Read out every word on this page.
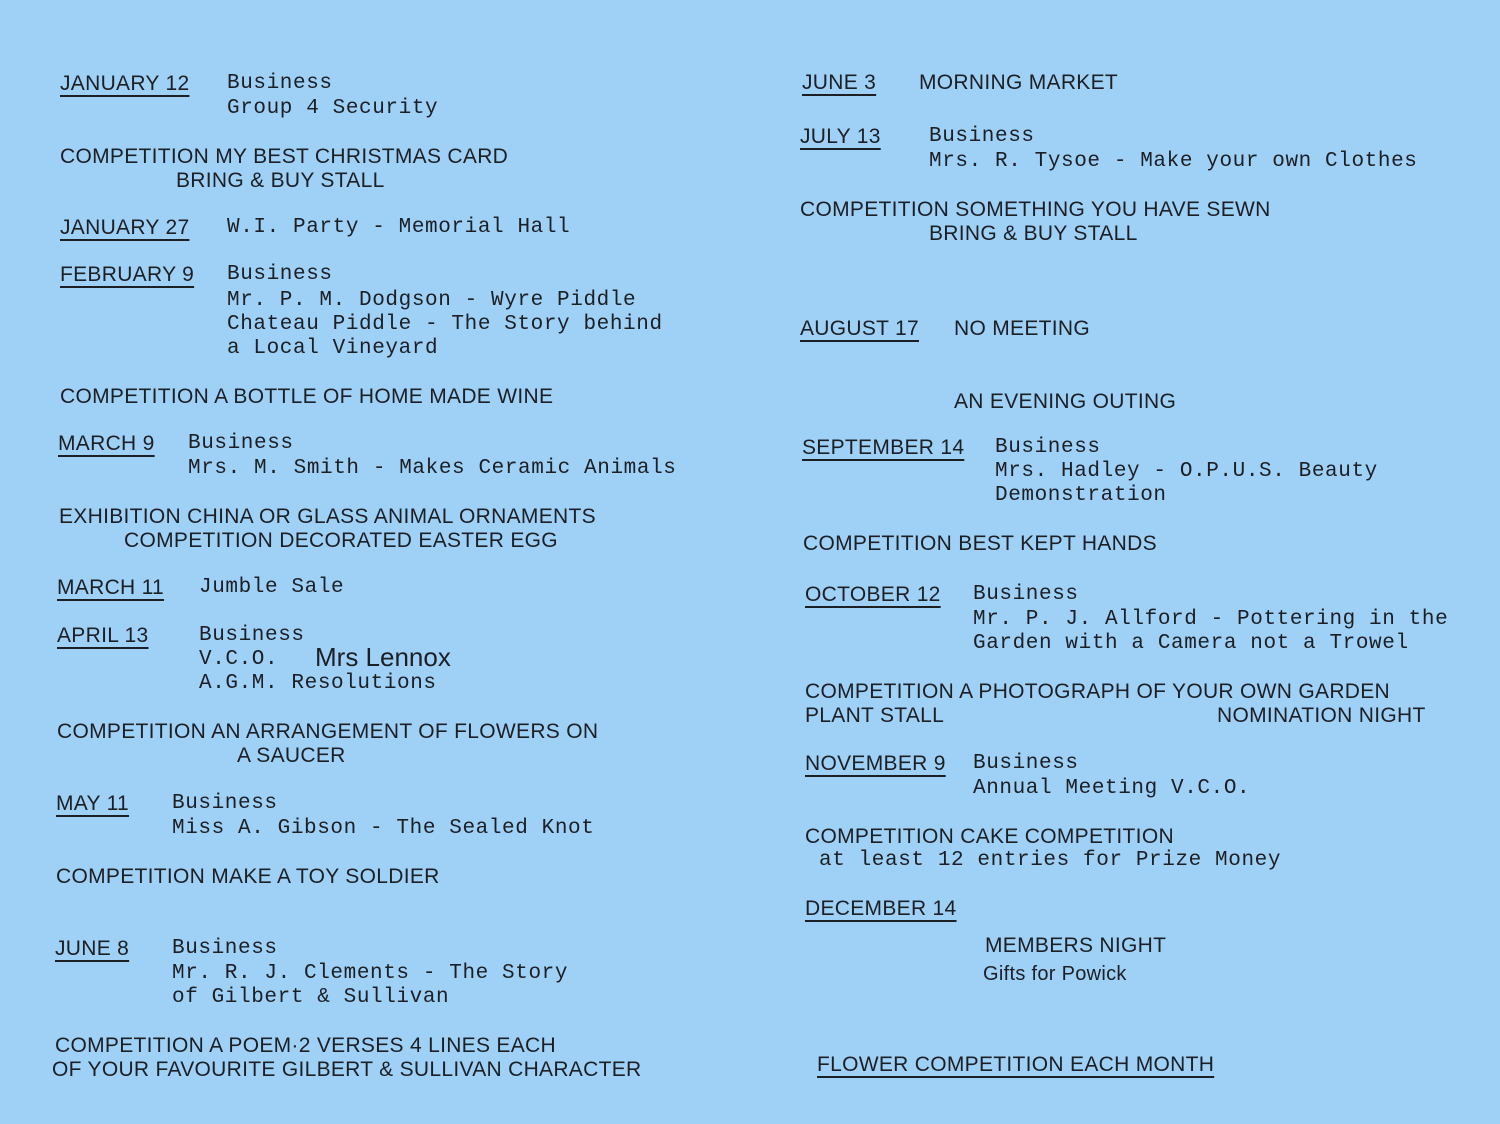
JANUARY 12 Business
Group 4 Security
COMPETITION MY BEST CHRISTMAS CARD
BRING & BUY STALL
JANUARY 27 W.I. Party - Memorial Hall
FEBRUARY 9 Business
Mr. P. M. Dodgson - Wyre Piddle
Chateau Piddle - The Story behind
a Local Vineyard
COMPETITION A BOTTLE OF HOME MADE WINE
MARCH 9 Business
Mrs. M. Smith - Makes Ceramic Animals
EXHIBITION CHINA OR GLASS ANIMAL ORNAMENTS
COMPETITION DECORATED EASTER EGG
MARCH 11 Jumble Sale
APRIL 13 Business
V.C.O. Mrs Lennox
A.G.M. Resolutions
COMPETITION AN ARRANGEMENT OF FLOWERS ON
A SAUCER
MAY 11 Business
Miss A. Gibson - The Sealed Knot
COMPETITION MAKE A TOY SOLDIER
JUNE 8 Business
Mr. R. J. Clements - The Story
of Gilbert & Sullivan
COMPETITION A POEM·2 VERSES 4 LINES EACH
OF YOUR FAVOURITE GILBERT & SULLIVAN CHARACTER
JUNE 3 MORNING MARKET
JULY 13 Business
Mrs. R. Tysoe - Make your own Clothes
COMPETITION SOMETHING YOU HAVE SEWN
BRING & BUY STALL
AUGUST 17 NO MEETING
AN EVENING OUTING
SEPTEMBER 14 Business
Mrs. Hadley - O.P.U.S. Beauty
Demonstration
COMPETITION BEST KEPT HANDS
OCTOBER 12 Business
Mr. P. J. Allford - Pottering in the
Garden with a Camera not a Trowel
COMPETITION A PHOTOGRAPH OF YOUR OWN GARDEN
PLANT STALL	NOMINATION NIGHT
NOVEMBER 9 Business
Annual Meeting V.C.O.
COMPETITION CAKE COMPETITION
at least 12 entries for Prize Money
DECEMBER 14
MEMBERS NIGHT
Gifts for Powick
FLOWER COMPETITION EACH MONTH
